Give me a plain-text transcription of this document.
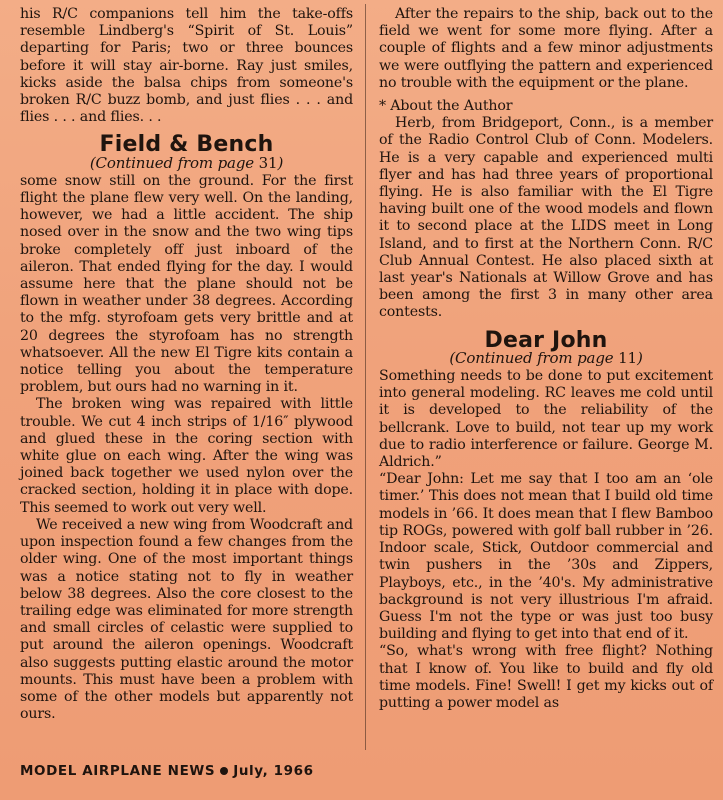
his R/C companions tell him the take-offs resemble Lindberg's “Spirit of St. Louis” departing for Paris; two or three bounces before it will stay air-borne. Ray just smiles, kicks aside the balsa chips from someone's broken R/C buzz bomb, and just flies . . . and flies . . . and flies. . .

Field & Bench
(Continued from page 31)

some snow still on the ground. For the first flight the plane flew very well. On the landing, however, we had a little accident. The ship nosed over in the snow and the two wing tips broke completely off just inboard of the aileron. That ended flying for the day. I would assume here that the plane should not be flown in weather under 38 degrees. According to the mfg. styrofoam gets very brittle and at 20 degrees the styrofoam has no strength whatsoever. All the new El Tigre kits contain a notice telling you about the temperature problem, but ours had no warning in it.

The broken wing was repaired with little trouble. We cut 4 inch strips of 1/16″ plywood and glued these in the coring section with white glue on each wing. After the wing was joined back together we used nylon over the cracked section, holding it in place with dope. This seemed to work out very well.

We received a new wing from Woodcraft and upon inspection found a few changes from the older wing. One of the most important things was a notice stating not to fly in weather below 38 degrees. Also the core closest to the trailing edge was eliminated for more strength and small circles of celastic were supplied to put around the aileron openings. Woodcraft also suggests putting elastic around the motor mounts. This must have been a problem with some of the other models but apparently not ours.

After the repairs to the ship, back out to the field we went for some more flying. After a couple of flights and a few minor adjustments we were outflying the pattern and experienced no trouble with the equipment or the plane.

* About the Author

Herb, from Bridgeport, Conn., is a member of the Radio Control Club of Conn. Modelers. He is a very capable and experienced multi flyer and has had three years of proportional flying. He is also familiar with the El Tigre having built one of the wood models and flown it to second place at the LIDS meet in Long Island, and to first at the Northern Conn. R/C Club Annual Contest. He also placed sixth at last year's Nationals at Willow Grove and has been among the first 3 in many other area contests.

Dear John
(Continued from page 11)

Something needs to be done to put excitement into general modeling. RC leaves me cold until it is developed to the reliability of the bellcrank. Love to build, not tear up my work due to radio interference or failure. George M. Aldrich.”

“Dear John: Let me say that I too am an ‘ole timer.’ This does not mean that I build old time models in ’66. It does mean that I flew Bamboo tip ROGs, powered with golf ball rubber in ’26. Indoor scale, Stick, Outdoor commercial and twin pushers in the ’30s and Zippers, Playboys, etc., in the ’40's. My administrative background is not very illustrious I'm afraid. Guess I'm not the type or was just too busy building and flying to get into that end of it.

“So, what's wrong with free flight? Nothing that I know of. You like to build and fly old time models. Fine! Swell! I get my kicks out of putting a power model as

MODEL AIRPLANE NEWS July, 1966
